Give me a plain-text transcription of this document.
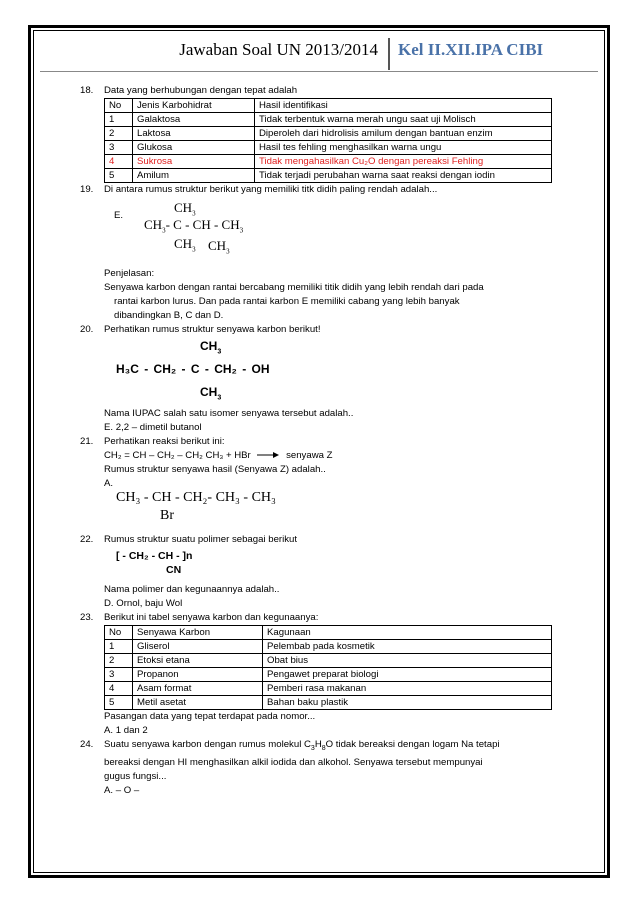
Jawaban Soal UN 2013/2014	Kel II.XII.IPA CIBI
18. Data yang berhubungan dengan tepat adalah
No	Jenis Karbohidrat	Hasil identifikasi
1	Galaktosa	Tidak terbentuk warna merah ungu saat uji Molisch
2	Laktosa	Diperoleh dari hidrolisis amilum dengan bantuan enzim
3	Glukosa	Hasil tes fehling menghasilkan warna ungu
4	Sukrosa	Tidak mengahasilkan Cu₂O dengan pereaksi Fehling
5	Amilum	Tidak terjadi perubahan warna saat reaksi dengan iodin
19. Di antara rumus struktur berikut yang memiliki titk didih paling rendah adalah...
E.
$CH_3$
$CH_3-$ C - CH - $CH_3$
$CH_3$ $CH_3$
Penjelasan:
Senyawa karbon dengan rantai bercabang memiliki titik didih yang lebih rendah dari pada
rantai karbon lurus. Dan pada rantai karbon E memiliki cabang yang lebih banyak
dibandingkan B, C dan D.
20. Perhatikan rumus struktur senyawa karbon berikut!
$CH_3$
H₃C - CH₂ - C - CH₂ - OH
$CH_3$
Nama IUPAC salah satu isomer senyawa tersebut adalah..
E. 2,2 – dimetil butanol
21. Perhatikan reaksi berikut ini:
CH₂ = CH – CH₂ – CH₂ CH₃ + HBr → senyawa Z
Rumus struktur senyawa hasil (Senyawa Z) adalah..
A.
CH₃ - CH - CH₂- CH₃ - CH₃
Br
22. Rumus struktur suatu polimer sebagai berikut
[ - CH₂ - CH - ]n
CN
Nama polimer dan kegunaannya adalah..
D. Ornol, baju Wol
23. Berikut ini tabel senyawa karbon dan kegunaanya:
No	Senyawa Karbon	Kagunaan
1	Gliserol	Pelembab pada kosmetik
2	Etoksi etana	Obat bius
3	Propanon	Pengawet preparat biologi
4	Asam format	Pemberi rasa makanan
5	Metil asetat	Bahan baku plastik
Pasangan data yang tepat terdapat pada nomor...
A. 1 dan 2
24. Suatu senyawa karbon dengan rumus molekul $C_3H_8O$ tidak bereaksi dengan logam Na tetapi
bereaksi dengan HI menghasilkan alkil iodida dan alkohol. Senyawa tersebut mempunyai
gugus fungsi...
A. – O –
